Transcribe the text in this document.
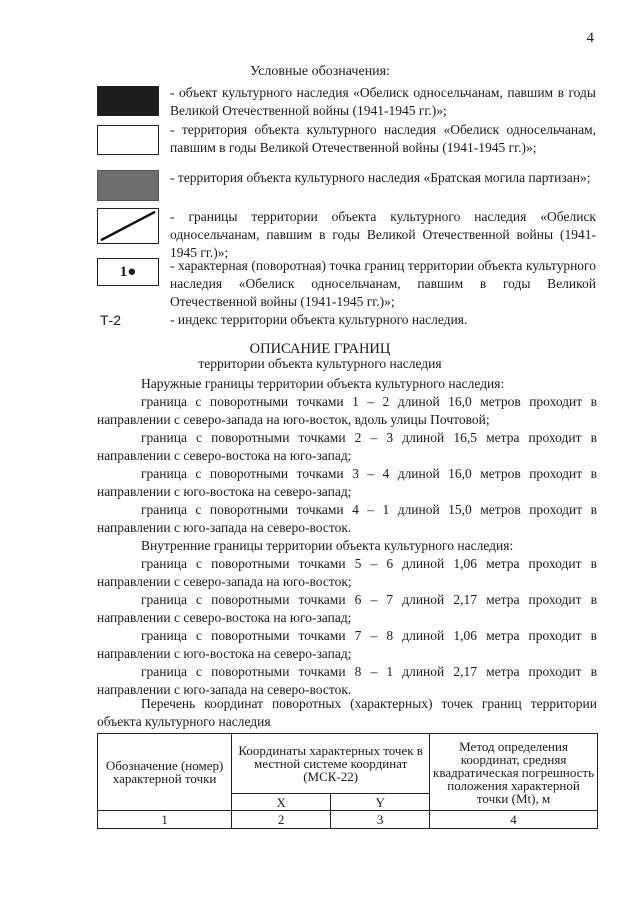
4
Условные обозначения:
1●
Т-2
- объект культурного наследия «Обелиск односельчанам, павшим в годы Великой Отечественной войны (1941-1945 гг.)»;
- территория объекта культурного наследия «Обелиск односельчанам, павшим в годы Великой Отечественной войны (1941-1945 гг.)»;
- территория объекта культурного наследия «Братская могила партизан»;
- границы территории объекта культурного наследия «Обелиск односельчанам, павшим в годы Великой Отечественной войны (1941-1945 гг.)»;
- характерная (поворотная) точка границ территории объекта культурного наследия «Обелиск односельчанам, павшим в годы Великой Отечественной войны (1941-1945 гг.)»;
- индекс территории объекта культурного наследия.
ОПИСАНИЕ ГРАНИЦ
территории объекта культурного наследия
Наружные границы территории объекта культурного наследия:
граница с поворотными точками 1 – 2 длиной 16,0 метров проходит в направлении с северо-запада на юго-восток, вдоль улицы Почтовой;
граница с поворотными точками 2 – 3 длиной 16,5 метра проходит в направлении с северо-востока на юго-запад;
граница с поворотными точками 3 – 4 длиной 16,0 метров проходит в направлении с юго-востока на северо-запад;
граница с поворотными точками 4 – 1 длиной 15,0 метров проходит в направлении с юго-запада на северо-восток.
Внутренние границы территории объекта культурного наследия:
граница с поворотными точками 5 – 6 длиной 1,06 метра проходит в направлении с северо-запада на юго-восток;
граница с поворотными точками 6 – 7 длиной 2,17 метра проходит в направлении с северо-востока на юго-запад;
граница с поворотными точками 7 – 8 длиной 1,06 метра проходит в направлении с юго-востока на северо-запад;
граница с поворотными точками 8 – 1 длиной 2,17 метра проходит в направлении с юго-запада на северо-восток.
Перечень координат поворотных (характерных) точек границ территории объекта культурного наследия
Обозначение (номер) характерной точки	Координаты характерных точек в местной системе координат (МСК-22)		Метод определения координат, средняя квадратическая погрешность положения характерной точки (Mt), м
	X	Y	
1	2	3	4
